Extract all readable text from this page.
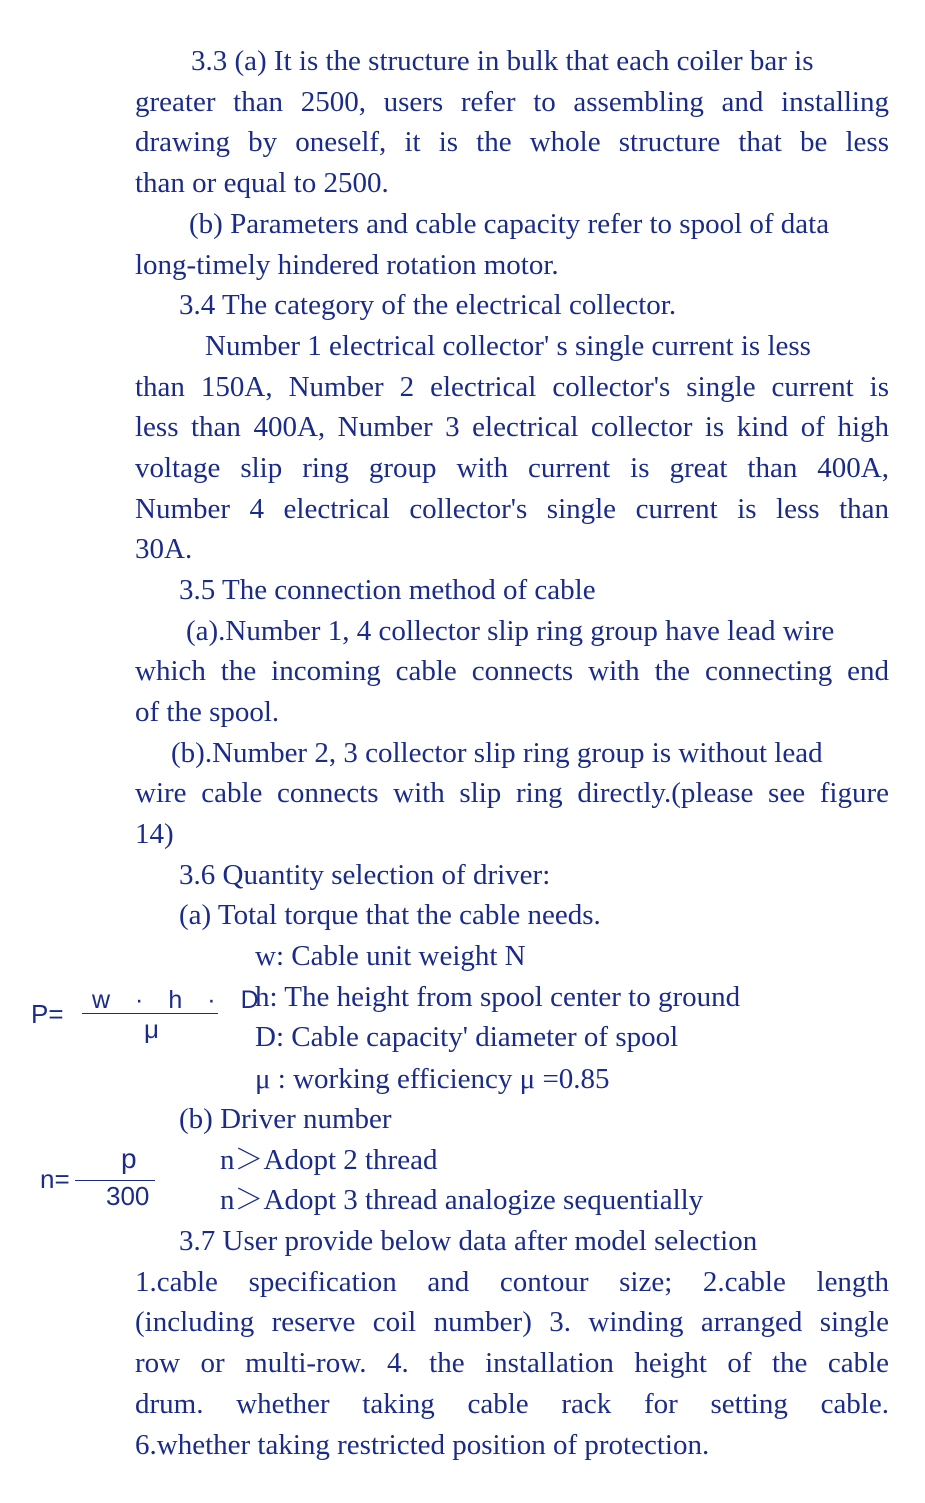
3.3 (a) It is the structure in bulk that each coiler bar is
greater than 2500, users refer to assembling and installing
drawing by oneself, it is the whole structure that be less
than or equal to 2500.
(b) Parameters and cable capacity refer to spool of data
long-timely hindered rotation motor.
3.4 The category of the electrical collector.
Number 1 electrical collector' s single current is less
than 150A, Number 2 electrical collector's single current is
less than 400A, Number 3 electrical collector is kind of high
voltage slip ring group with current is great than 400A,
Number 4 electrical collector's single current is less than
30A.
3.5 The connection method of cable
(a).Number 1, 4 collector slip ring group have lead wire
which the incoming cable connects with the connecting end
of the spool.
(b).Number 2, 3 collector slip ring group is without lead
wire cable connects with slip ring directly.(please see figure
14)
3.6 Quantity selection of driver:
(a) Total torque that the cable needs.
P= w　·　h　·　D
μ
w: Cable unit weight N
h: The height from spool center to ground
D: Cable capacity' diameter of spool
μ : working efficiency μ =0.85
(b) Driver number
n=
p
300
n＞Adopt 2 thread
n＞Adopt 3 thread analogize sequentially
3.7 User provide below data after model selection
1.cable specification and contour size; 2.cable length
(including reserve coil number) 3. winding arranged single
row or multi-row. 4. the installation height of the cable
drum. whether taking cable rack for setting cable.
6.whether taking restricted position of protection.
